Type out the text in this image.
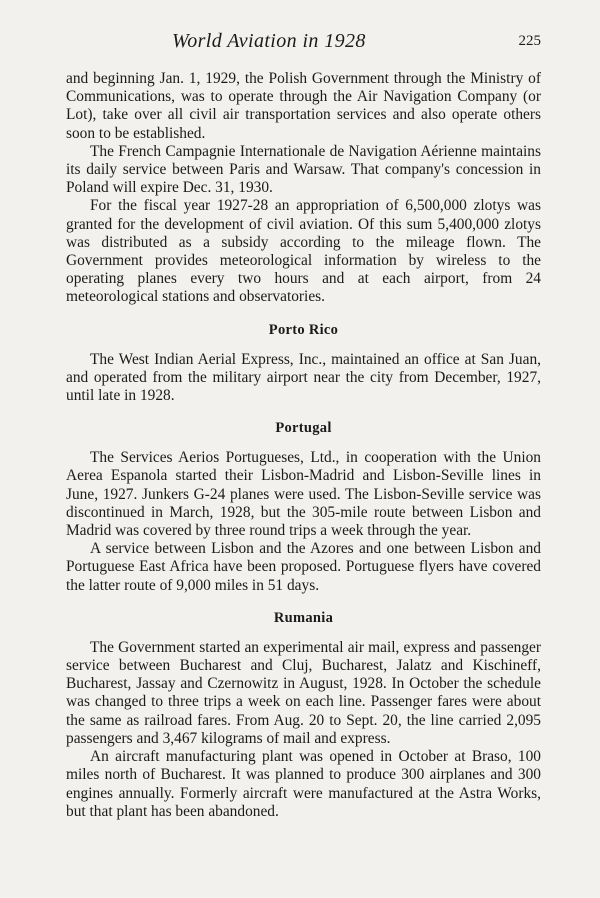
World Aviation in 1928	225

and beginning Jan. 1, 1929, the Polish Government through the Ministry of Communications, was to operate through the Air Navigation Company (or Lot), take over all civil air transportation services and also operate others soon to be established.

The French Campagnie Internationale de Navigation Aérienne maintains its daily service between Paris and Warsaw. That company's concession in Poland will expire Dec. 31, 1930.

For the fiscal year 1927-28 an appropriation of 6,500,000 zlotys was granted for the development of civil aviation. Of this sum 5,400,000 zlotys was distributed as a subsidy according to the mileage flown. The Government provides meteorological information by wireless to the operating planes every two hours and at each airport, from 24 meteorological stations and observatories.

Porto Rico

The West Indian Aerial Express, Inc., maintained an office at San Juan, and operated from the military airport near the city from December, 1927, until late in 1928.

Portugal

The Services Aerios Portugueses, Ltd., in cooperation with the Union Aerea Espanola started their Lisbon-Madrid and Lisbon-Seville lines in June, 1927. Junkers G-24 planes were used. The Lisbon-Seville service was discontinued in March, 1928, but the 305-mile route between Lisbon and Madrid was covered by three round trips a week through the year.

A service between Lisbon and the Azores and one between Lisbon and Portuguese East Africa have been proposed. Portuguese flyers have covered the latter route of 9,000 miles in 51 days.

Rumania

The Government started an experimental air mail, express and passenger service between Bucharest and Cluj, Bucharest, Jalatz and Kischineff, Bucharest, Jassay and Czernowitz in August, 1928. In October the schedule was changed to three trips a week on each line. Passenger fares were about the same as railroad fares. From Aug. 20 to Sept. 20, the line carried 2,095 passengers and 3,467 kilograms of mail and express.

An aircraft manufacturing plant was opened in October at Braso, 100 miles north of Bucharest. It was planned to produce 300 airplanes and 300 engines annually. Formerly aircraft were manufactured at the Astra Works, but that plant has been abandoned.
